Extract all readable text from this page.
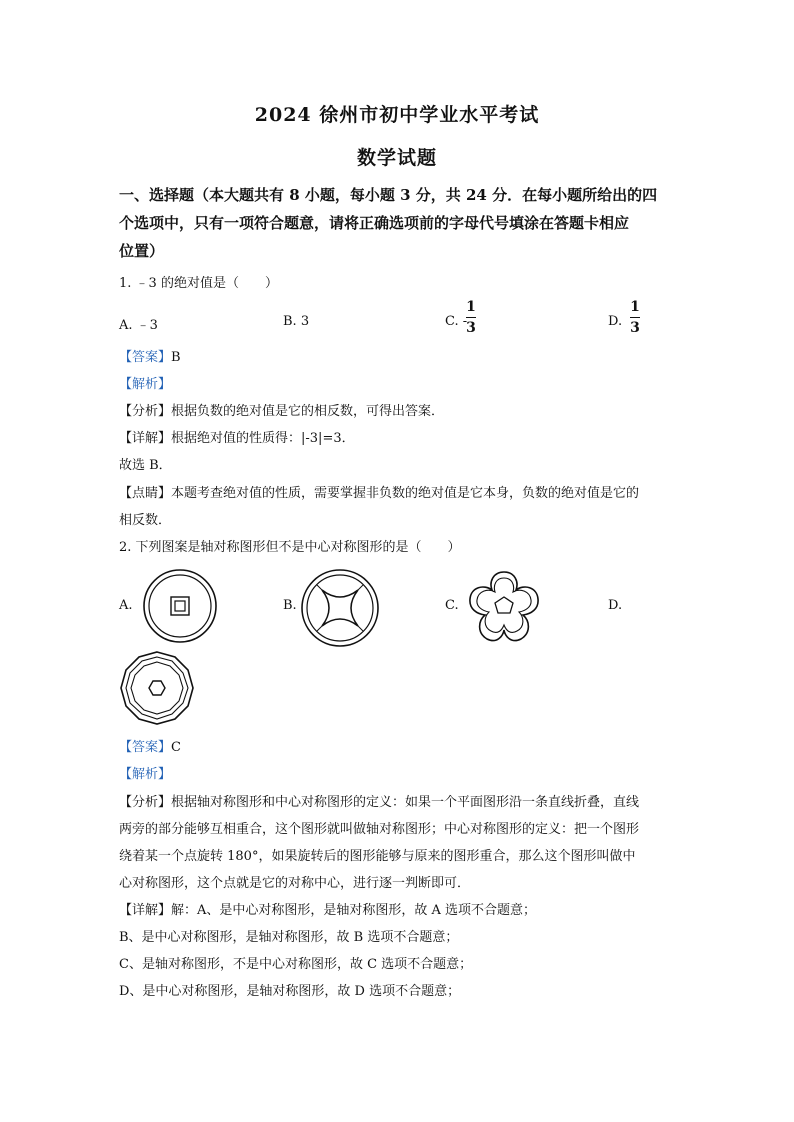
2024 徐州市初中学业水平考试
数学试题
一、选择题（本大题共有 8 小题，每小题 3 分，共 24 分．在每小题所给出的四
个选项中，只有一项符合题意，请将正确选项前的字母代号填涂在答题卡相应
位置）
1. ﹣3 的绝对值是（　　）
A. ﹣3	B. 3	C. -
1
3	D.
1
3
【答案】B
【解析】
【分析】根据负数的绝对值是它的相反数，可得出答案．
【详解】根据绝对值的性质得：|-3|=3．
故选 B．
【点睛】本题考查绝对值的性质，需要掌握非负数的绝对值是它本身，负数的绝对值是它的
相反数．
2. 下列图案是轴对称图形但不是中心对称图形的是（　　）
A.	B.	C.	D.
【答案】C
【解析】
【分析】根据轴对称图形和中心对称图形的定义：如果一个平面图形沿一条直线折叠，直线
两旁的部分能够互相重合，这个图形就叫做轴对称图形；中心对称图形的定义：把一个图形
绕着某一个点旋转 180°，如果旋转后的图形能够与原来的图形重合，那么这个图形叫做中
心对称图形，这个点就是它的对称中心，进行逐一判断即可．
【详解】解：A、是中心对称图形，是轴对称图形，故 A 选项不合题意；
B、是中心对称图形，是轴对称图形，故 B 选项不合题意；
C、是轴对称图形，不是中心对称图形，故 C 选项不合题意；
D、是中心对称图形，是轴对称图形，故 D 选项不合题意；
